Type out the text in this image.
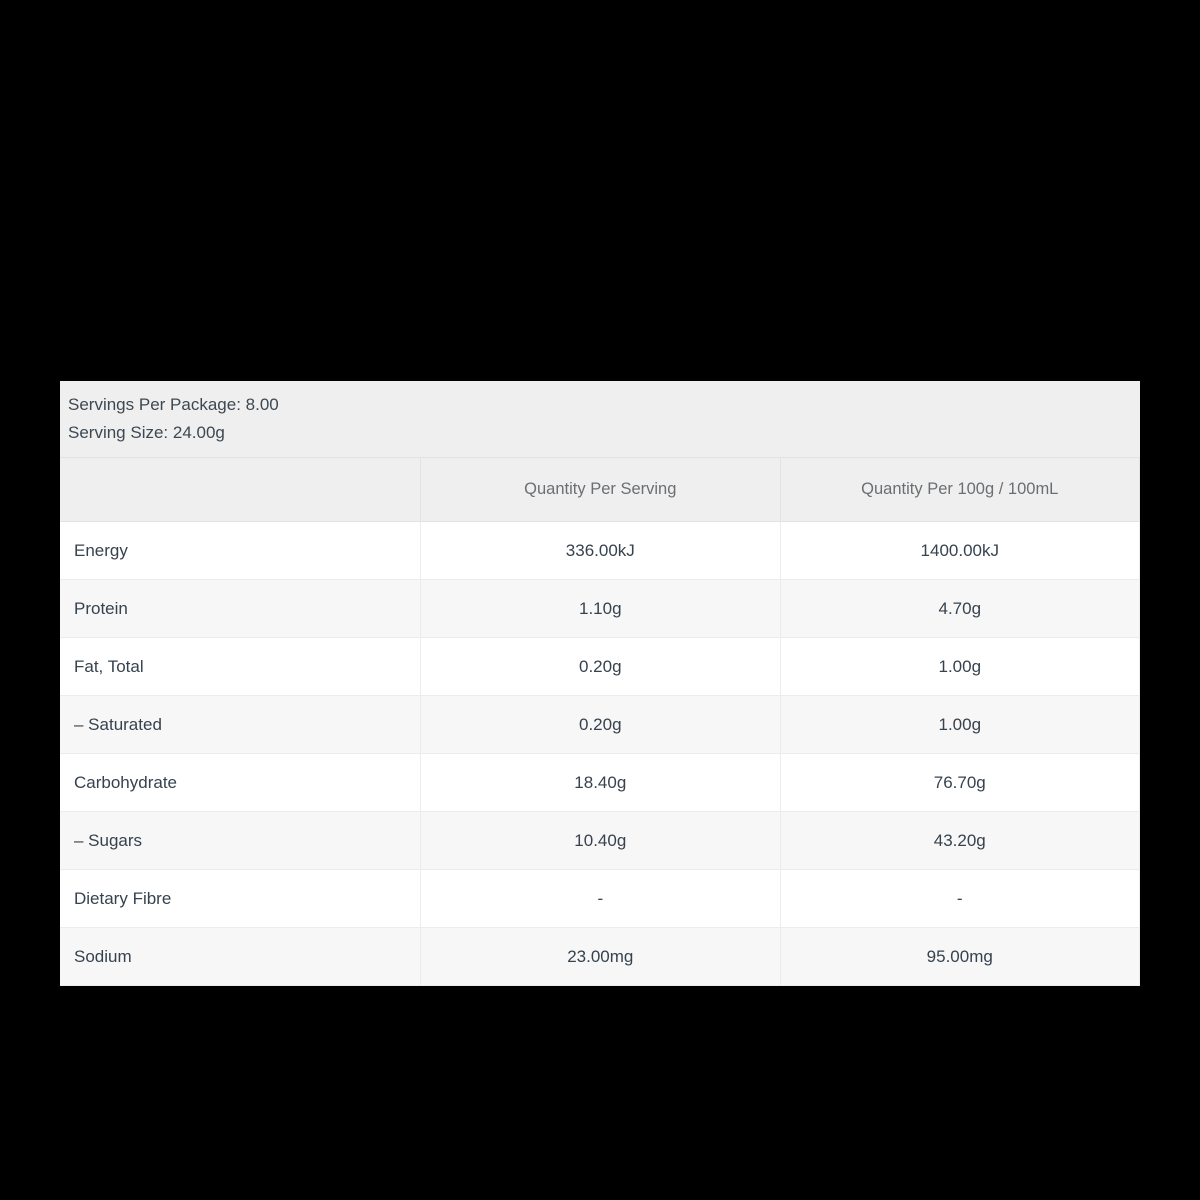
Servings Per Package: 8.00
Serving Size: 24.00g
	Quantity Per Serving	Quantity Per 100g / 100mL
Energy	336.00kJ	1400.00kJ
Protein	1.10g	4.70g
Fat, Total	0.20g	1.00g
– Saturated	0.20g	1.00g
Carbohydrate	18.40g	76.70g
– Sugars	10.40g	43.20g
Dietary Fibre	-	-
Sodium	23.00mg	95.00mg
